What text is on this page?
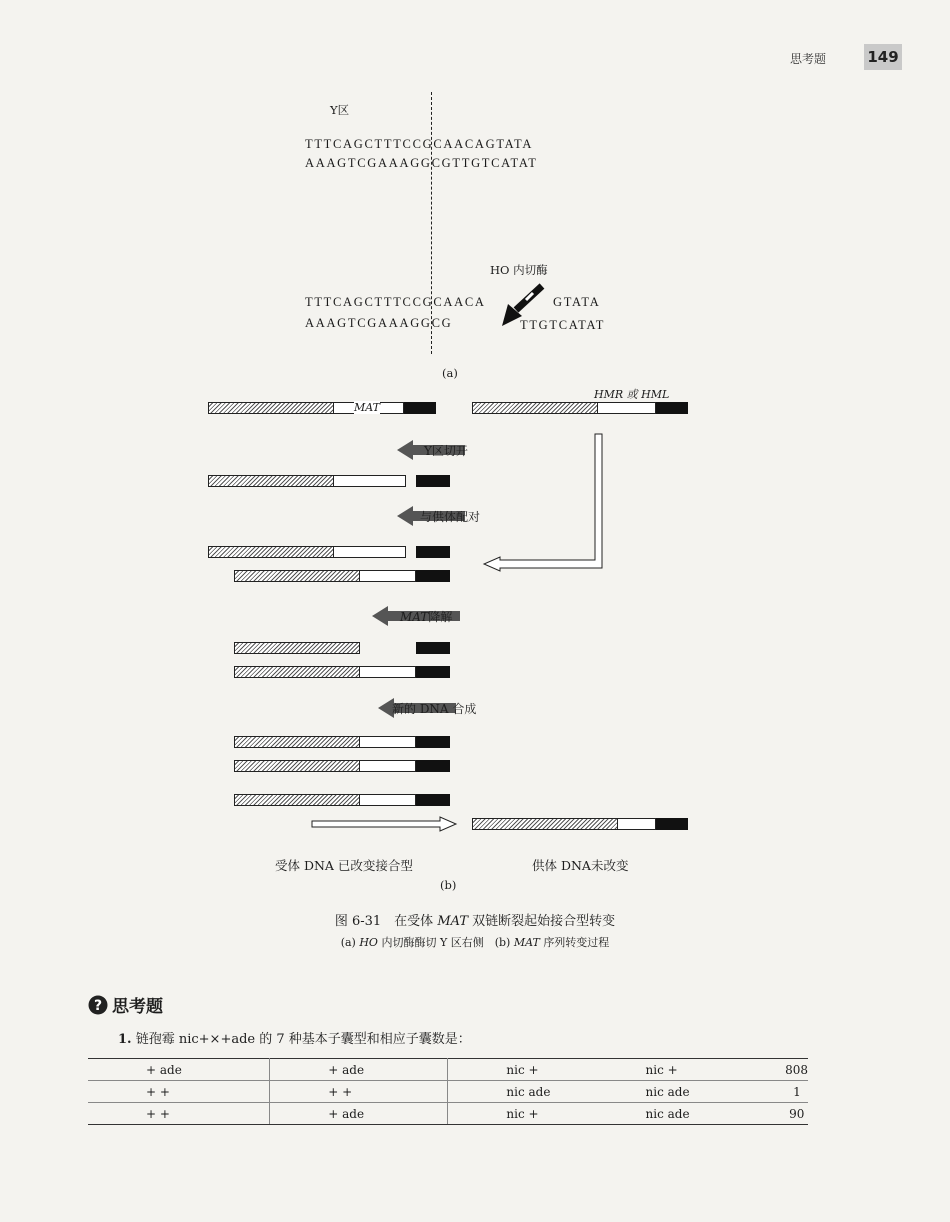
思考题	149
Y区
TTTCAGCTTTCCGCAACAGTATA
AAAGTCGAAAGGCGTTGTCATAT
HO 内切酶
TTTCAGCTTTCCGCAACA	GTATA
AAAGTCGAAAGGCG	TTGTCATAT
(a)
MAT
HMR 或 HML
Y区切开
与供体配对
MAT降解
新的 DNA 合成
受体 DNA 已改变接合型	供体 DNA未改变
(b)
图 6-31　在受体 MAT 双链断裂起始接合型转变
(a) HO 内切酶酶切 Y 区右侧　(b) MAT 序列转变过程
? 思考题
1. 链孢霉 nic+×+ade 的 7 种基本子囊型和相应子囊数是：
+ ade	+ ade	nic +	nic +	808
+ +	+ +	nic ade	nic ade	1
+ +	+ ade	nic +	nic ade	90
